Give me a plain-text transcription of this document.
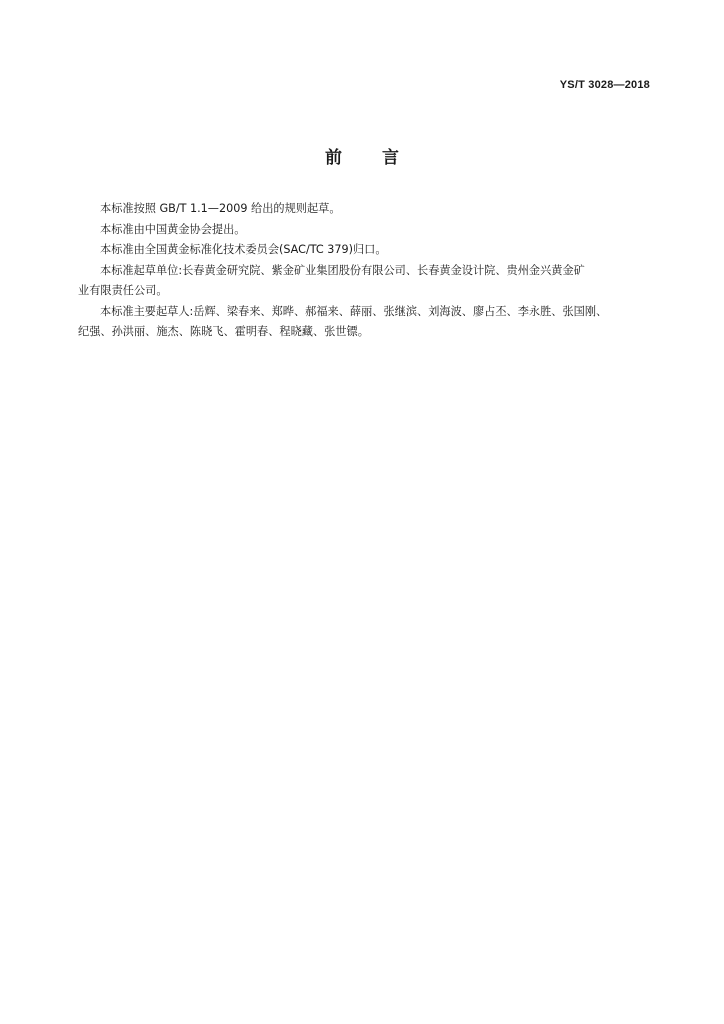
YS/T 3028—2018
前 言

本标准按照 GB/T 1.1—2009 给出的规则起草。

本标准由中国黄金协会提出。

本标准由全国黄金标准化技术委员会(SAC/TC 379)归口。

本标准起草单位:长春黄金研究院、紫金矿业集团股份有限公司、长春黄金设计院、贵州金兴黄金矿
业有限责任公司。

本标准主要起草人:岳辉、梁春来、郑晔、郝福来、薛丽、张继滨、刘海波、廖占丕、李永胜、张国刚、
纪强、孙洪丽、施杰、陈晓飞、霍明春、程晓藏、张世镖。
